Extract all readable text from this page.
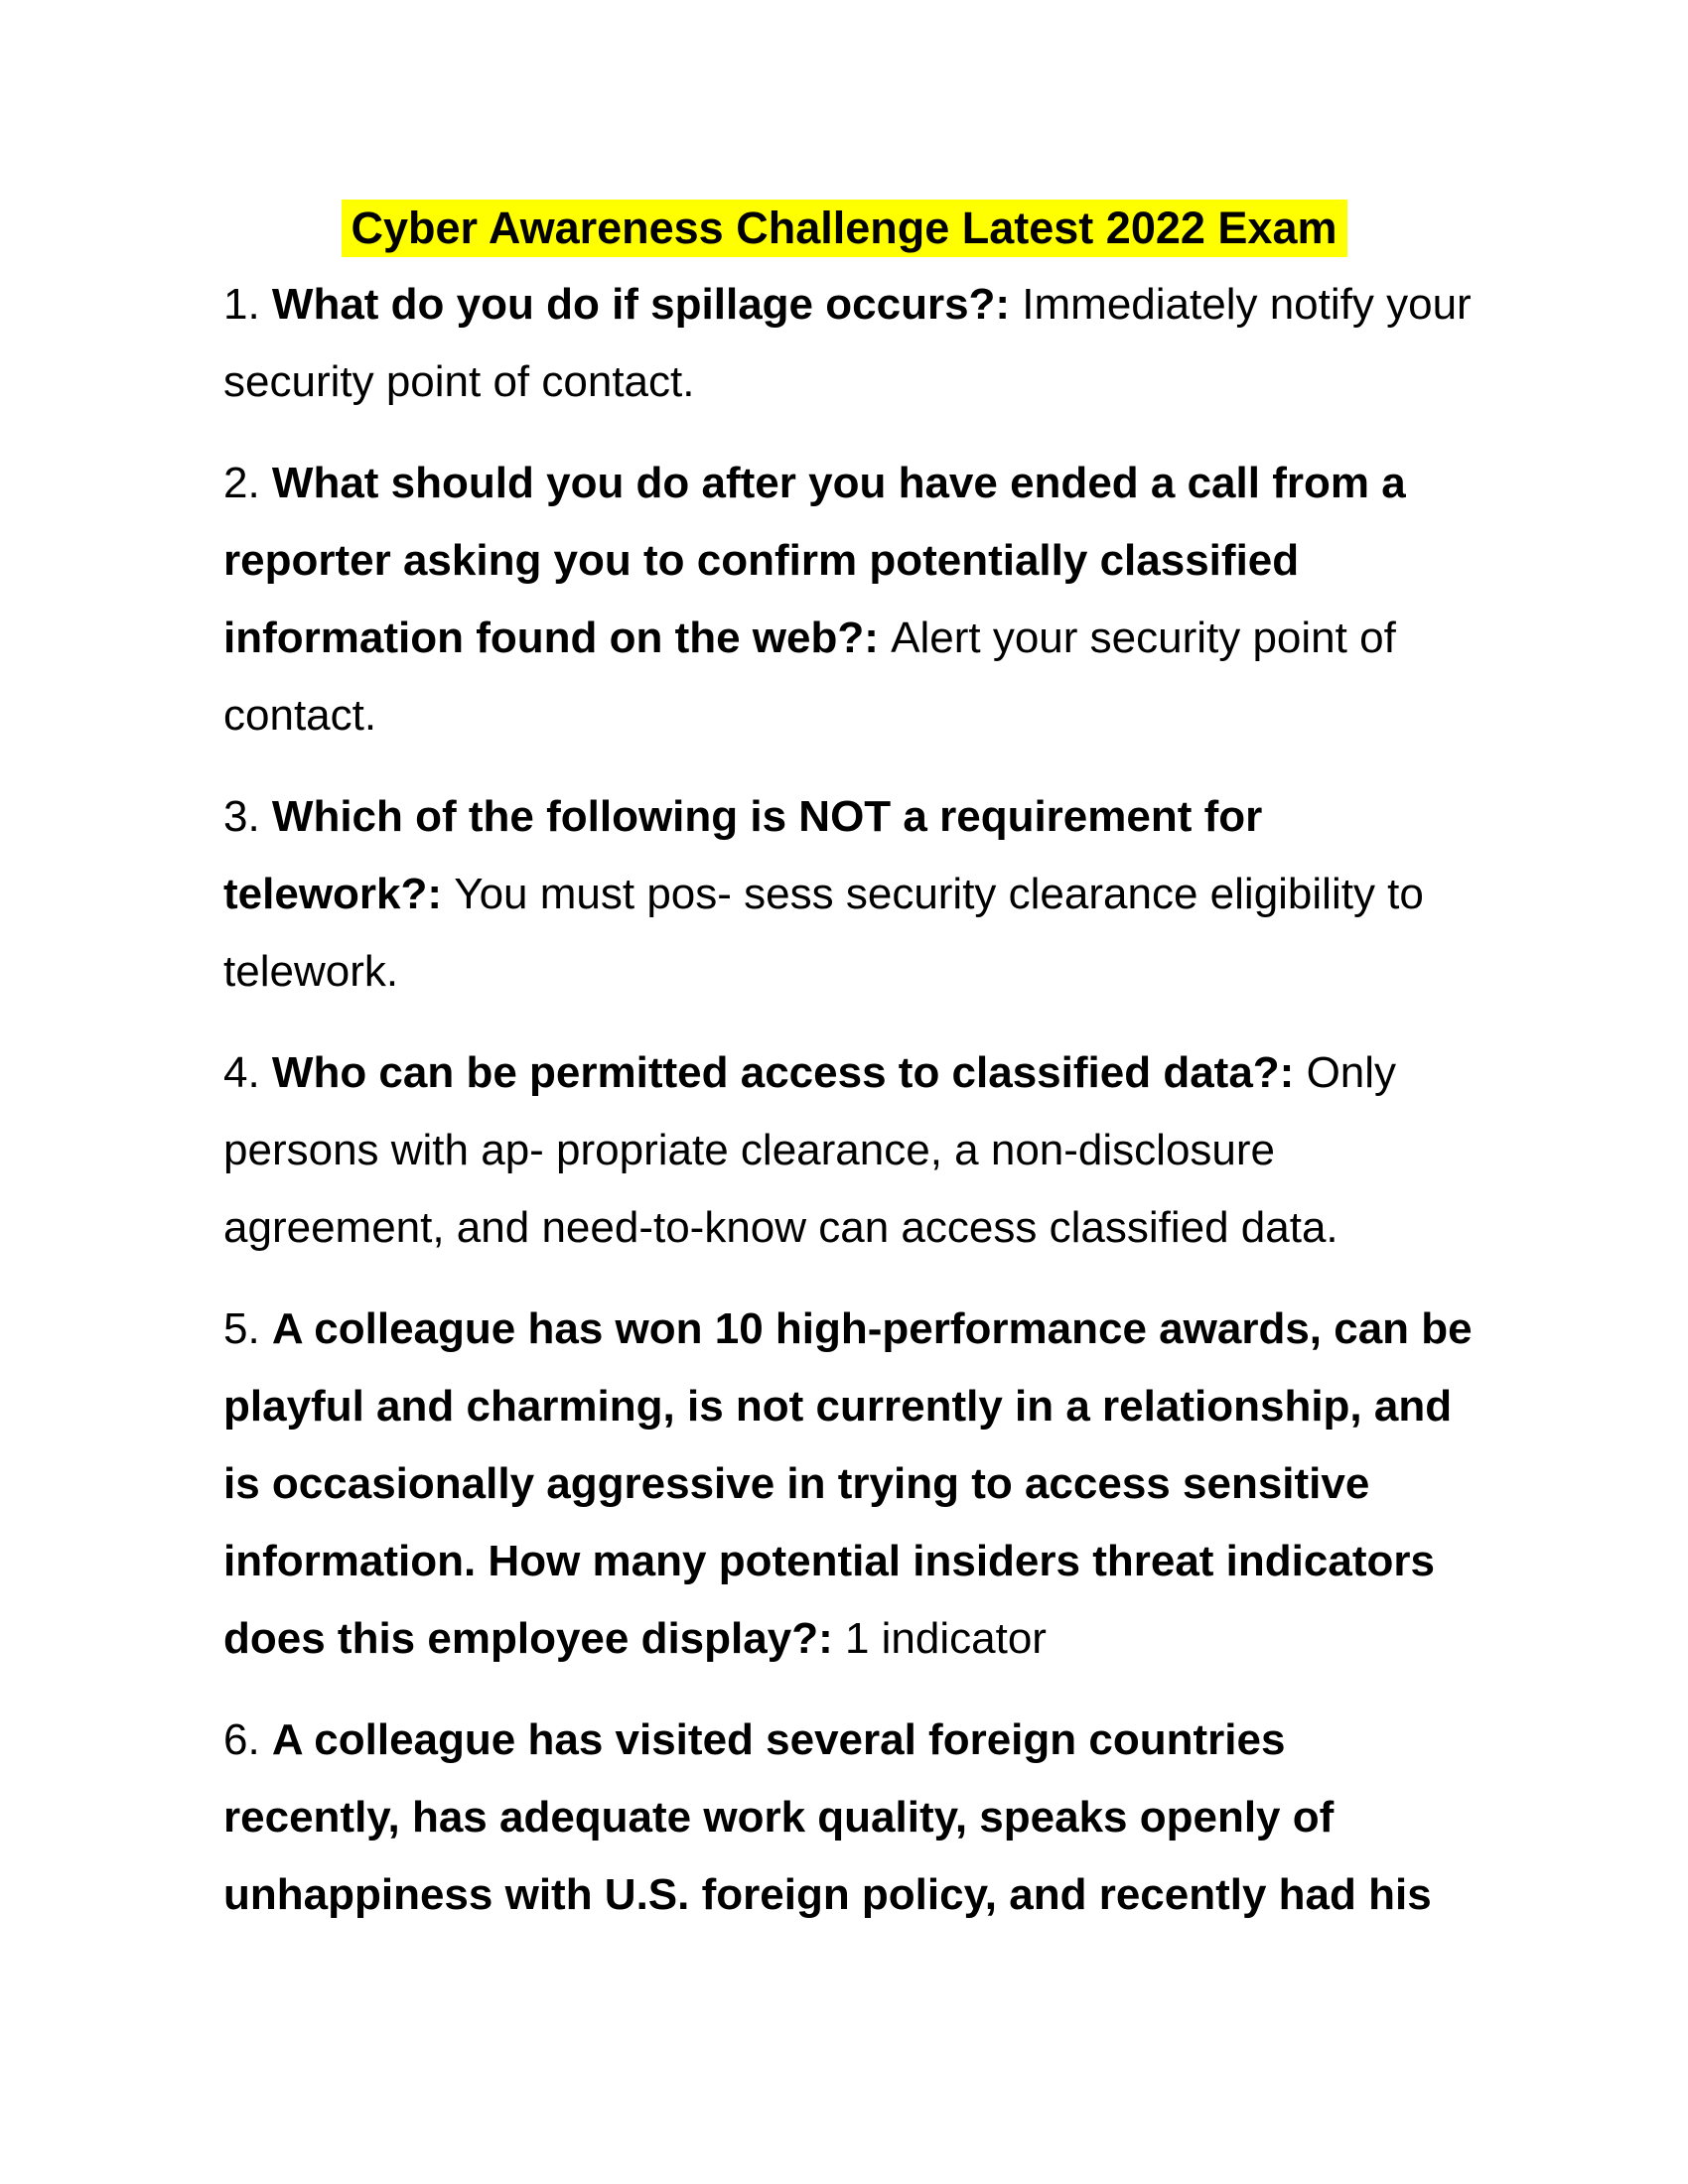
Cyber Awareness Challenge Latest 2022 Exam

1. What do you do if spillage occurs?: Immediately notify your
security point of contact.

2. What should you do after you have ended a call from a
reporter asking you to confirm potentially classified
information found on the web?: Alert your security point of
contact.

3. Which of the following is NOT a requirement for
telework?: You must pos- sess security clearance eligibility to
telework.

4. Who can be permitted access to classified data?: Only
persons with ap- propriate clearance, a non-disclosure
agreement, and need-to-know can access classified data.

5. A colleague has won 10 high-performance awards, can be
playful and charming, is not currently in a relationship, and
is occasionally aggressive in trying to access sensitive
information. How many potential insiders threat indicators
does this employee display?: 1 indicator

6. A colleague has visited several foreign countries
recently, has adequate work quality, speaks openly of
unhappiness with U.S. foreign policy, and recently had his
